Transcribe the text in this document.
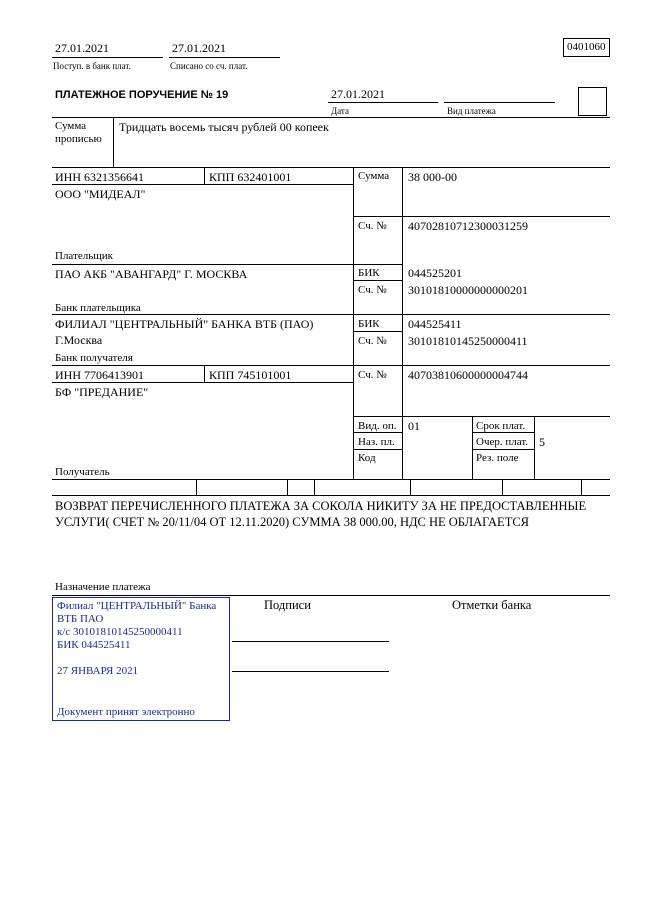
27.01.2021
Поступ. в банк плат.
27.01.2021
Списано со сч. плат.
0401060
ПЛАТЕЖНОЕ ПОРУЧЕНИЕ № 19	27.01.2021
Дата	Вид платежа
Сумма
прописью
Тридцать восемь тысяч рублей 00 копеек
ИНН 6321356641	КПП 632401001
ООО "МИДЕАЛ"
Плательщик
Сумма 38 000-00
Сч. № 40702810712300031259
ПАО АКБ "АВАНГАРД" Г. МОСКВА	БИК 044525201
Сч. № 30101810000000000201
Банк плательщика
ФИЛИАЛ "ЦЕНТРАЛЬНЫЙ" БАНКА ВТБ (ПАО)
Г.Москва
БИК 044525411
Сч. № 30101810145250000411
Банк получателя
ИНН 7706413901	КПП 745101001
БФ "ПРЕДАНИЕ"
Сч. № 40703810600000004744
Получатель
Вид. оп. 01	Срок плат.
Наз. пл.	Очер. плат. 5
Код	Рез. поле
ВОЗВРАТ ПЕРЕЧИСЛЕННОГО ПЛАТЕЖА ЗА СОКОЛА НИКИТУ ЗА НЕ ПРЕДОСТАВЛЕННЫЕ УСЛУГИ( СЧЕТ № 20/11/04 ОТ 12.11.2020) СУММА 38 000.00, НДС НЕ ОБЛАГАЕТСЯ
Назначение платежа
Подписи	Отметки банка
Филиал "ЦЕНТРАЛЬНЫЙ" Банка
ВТБ ПАО
к/с 30101810145250000411
БИК 044525411
27 ЯНВАРЯ 2021
Документ принят электронно
